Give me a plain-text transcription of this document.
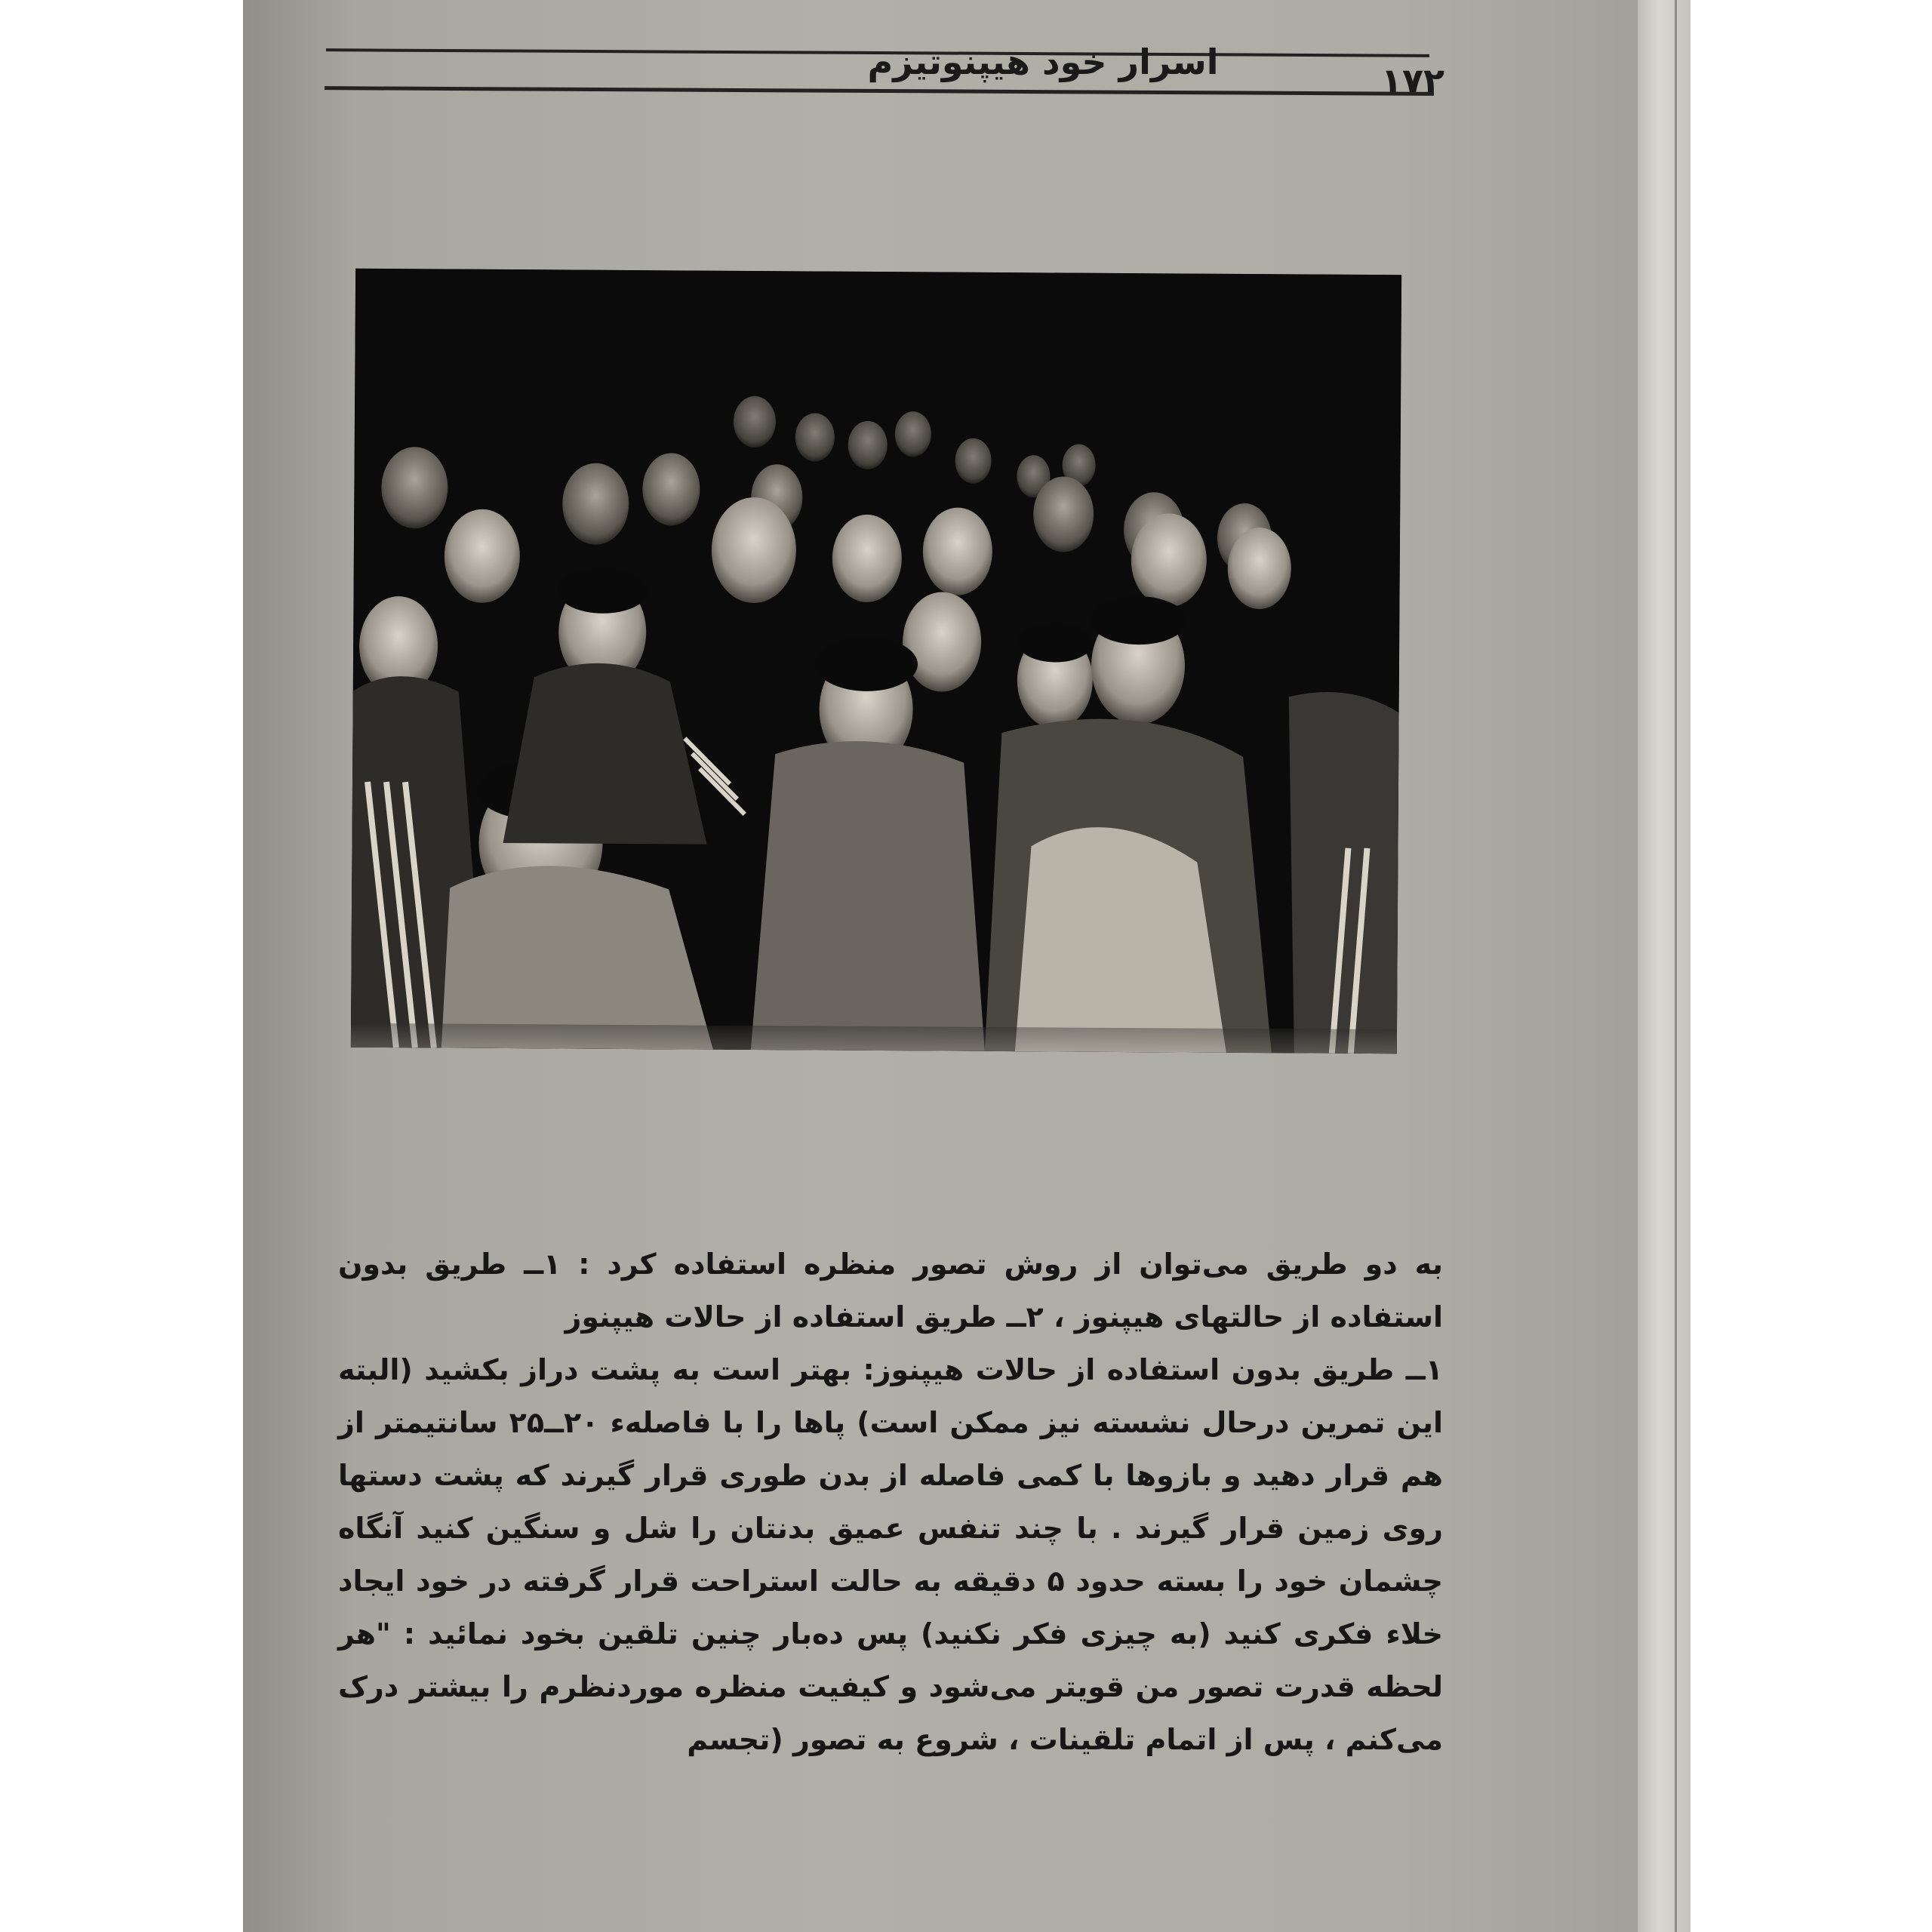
اسرار خود هیپنوتیزم	۱۷۲

به دو طریق می‌توان از روش تصور منظره استفاده کرد : ۱ــ طریق بدون استفاده از حالتهای هیپنوز ، ۲ــ طریق استفاده از حالات هیپنوز

۱ــ طریق بدون استفاده از حالات هیپنوز: بهتر است به پشت دراز بکشید (البته این تمرین درحال نشسته نیز ممکن است) پاها را با فاصلهء ۲۰ــ۲۵ سانتیمتر از هم قرار دهید و بازوها با کمی فاصله از بدن طوری قرار گیرند که پشت دستها روی زمین قرار گیرند . با چند تنفس عمیق بدنتان را شل و سنگین کنید آنگاه چشمان خود را بسته حدود ۵ دقیقه به حالت استراحت قرار گرفته در خود ایجاد خلاء فکری کنید (به چیزی فکر نکنید) پس ده‌بار چنین تلقین بخود نمائید : "هر لحظه قدرت تصور من قویتر می‌شود و کیفیت منظره موردنظرم را بیشتر درک می‌کنم ، پس از اتمام تلقینات ، شروع به تصور (تجسم
